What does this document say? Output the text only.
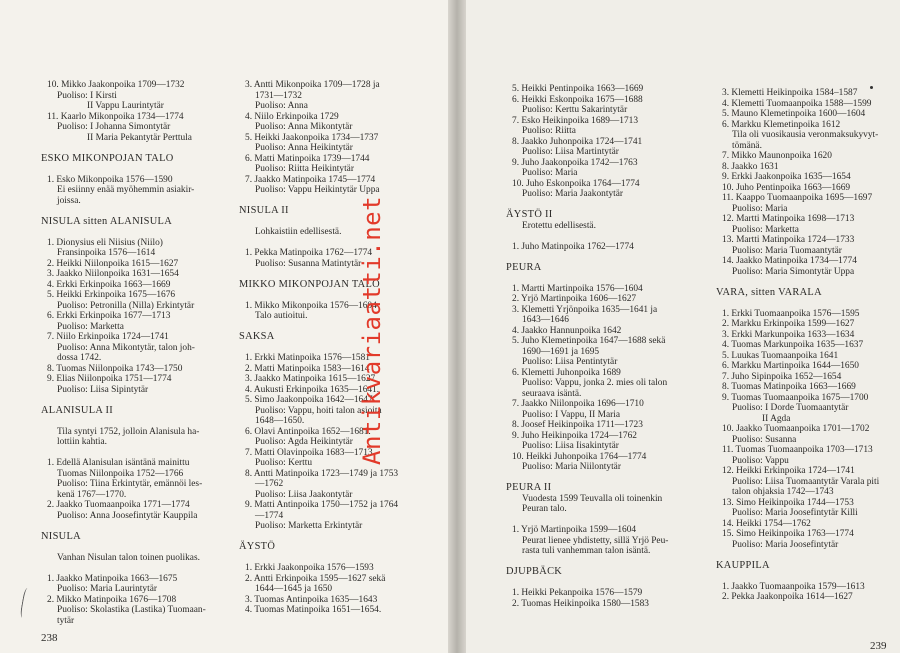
10. Mikko Jaakonpoika 1709—1732
Puoliso: I Kirsti
II Vappu Laurintytär
11. Kaarlo Mikonpoika 1734—1774
Puoliso: I Johanna Simontytär
II Maria Pekantytär Perttula
ESKO MIKONPOJAN TALO
1. Esko Mikonpoika 1576—1590
Ei esiinny enää myöhemmin asiakir-
joissa.
NISULA sitten ALANISULA
1. Dionysius eli Niisius (Niilo)
Fransinpoika 1576—1614
2. Heikki Niilonpoika 1615—1627
3. Jaakko Niilonpoika 1631—1654
4. Erkki Erkinpoika 1663—1669
5. Heikki Erkinpoika 1675—1676
Puoliso: Petronilla (Nilla) Erkintytär
6. Erkki Erkinpoika 1677—1713
Puoliso: Marketta
7. Niilo Erkinpoika 1724—1741
Puoliso: Anna Mikontytär, talon joh-
dossa 1742.
8. Tuomas Niilonpoika 1743—1750
9. Elias Niilonpoika 1751—1774
Puoliso: Liisa Sipintytär
ALANISULA II
Tila syntyi 1752, jolloin Alanisula ha-
lottiin kahtia.
1. Edellä Alanisulan isäntänä mainittu
Tuomas Niilonpoika 1752—1766
Puoliso: Tiina Erkintytär, emännöi les-
kenä 1767—1770.
2. Jaakko Tuomaanpoika 1771—1774
Puoliso: Anna Joosefintytär Kauppila
NISULA
Vanhan Nisulan talon toinen puolikas.
1. Jaakko Matinpoika 1663—1675
Puoliso: Maria Laurintytär
2. Mikko Matinpoika 1676—1708
Puoliso: Skolastika (Lastika) Tuomaan-
tytär
3. Antti Mikonpoika 1709—1728 ja
1731—1732
Puoliso: Anna
4. Niilo Erkinpoika 1729
Puoliso: Anna Mikontytär
5. Heikki Jaakonpoika 1734—1737
Puoliso: Anna Heikintytär
6. Matti Matinpoika 1739—1744
Puoliso: Riitta Heikintytär
7. Jaakko Matinpoika 1745—1774
Puoliso: Vappu Heikintytär Uppa
NISULA II
Lohkaistiin edellisestä.
1. Pekka Matinpoika 1762—1774
Puoliso: Susanna Matintytär
MIKKO MIKONPOJAN TALO
1. Mikko Mikonpoika 1576—1604
Talo autioitui.
SAKSA
1. Erkki Matinpoika 1576—1581
2. Matti Matinpoika 1583—1614
3. Jaakko Matinpoika 1615—1627
4. Aukusti Erkinpoika 1635—1641.
5. Simo Jaakonpoika 1642—1647
Puoliso: Vappu, hoiti talon asioita
1648—1650.
6. Olavi Antinpoika 1652—1681.
Puoliso: Agda Heikintytär
7. Matti Olavinpoika 1683—1713
Puoliso: Kerttu
8. Antti Matinpoika 1723—1749 ja 1753
—1762
Puoliso: Liisa Jaakontytär
9. Matti Antinpoika 1750—1752 ja 1764
—1774
Puoliso: Marketta Erkintytär
ÄYSTÖ
1. Erkki Jaakonpoika 1576—1593
2. Antti Erkinpoika 1595—1627 sekä
1644—1645 ja 1650
3. Tuomas Antinpoika 1635—1643
4. Tuomas Matinpoika 1651—1654.
238
5. Heikki Pentinpoika 1663—1669
6. Heikki Eskonpoika 1675—1688
Puoliso: Kerttu Sakarintytär
7. Esko Heikinpoika 1689—1713
Puoliso: Riitta
8. Jaakko Juhonpoika 1724—1741
Puoliso: Liisa Martintytär
9. Juho Jaakonpoika 1742—1763
Puoliso: Maria
10. Juho Eskonpoika 1764—1774
Puoliso: Maria Jaakontytär
ÄYSTÖ II
Erotettu edellisestä.
1. Juho Matinpoika 1762—1774
PEURA
1. Martti Martinpoika 1576—1604
2. Yrjö Martinpoika 1606—1627
3. Klemetti Yrjönpoika 1635—1641 ja
1643—1646
4. Jaakko Hannunpoika 1642
5. Juho Klemetinpoika 1647—1688 sekä
1690—1691 ja 1695
Puoliso: Liisa Pentintytär
6. Klemetti Juhonpoika 1689
Puoliso: Vappu, jonka 2. mies oli talon
seuraava isäntä.
7. Jaakko Niilonpoika 1696—1710
Puoliso: I Vappu, II Maria
8. Joosef Heikinpoika 1711—1723
9. Juho Heikinpoika 1724—1762
Puoliso: Liisa Iisakintytär
10. Heikki Juhonpoika 1764—1774
Puoliso: Maria Niilontytär
PEURA II
Vuodesta 1599 Teuvalla oli toinenkin
Peuran talo.
1. Yrjö Martinpoika 1599—1604
Peurat lienee yhdistetty, sillä Yrjö Peu-
rasta tuli vanhemman talon isäntä.
DJUPBÄCK
1. Heikki Pekanpoika 1576—1579
2. Tuomas Heikinpoika 1580—1583
3. Klemetti Heikinpoika 1584–1587
4. Klemetti Tuomaanpoika 1588—1599
5. Mauno Klemetinpoika 1600—1604
6. Markku Klemetinpoika 1612
Tila oli vuosikausia veronmaksukyvyt-
tömänä.
7. Mikko Maunonpoika 1620
8. Jaakko 1631
9. Erkki Jaakonpoika 1635—1654
10. Juho Pentinpoika 1663—1669
11. Kaappo Tuomaanpoika 1695—1697
Puoliso: Maria
12. Martti Matinpoika 1698—1713
Puoliso: Marketta
13. Martti Matinpoika 1724—1733
Puoliso: Maria Tuomaantytär
14. Jaakko Matinpoika 1734—1774
Puoliso: Maria Simontytär Uppa
VARA, sitten VARALA
1. Erkki Tuomaanpoika 1576—1595
2. Markku Erkinpoika 1599—1627
3. Erkki Markunpoika 1633—1634
4. Tuomas Markunpoika 1635—1637
5. Luukas Tuomaanpoika 1641
6. Markku Martinpoika 1644—1650
7. Juho Sipinpoika 1652—1654
8. Tuomas Matinpoika 1663—1669
9. Tuomas Tuomaanpoika 1675—1700
Puoliso: I Dorde Tuomaantytär
II Agda
10. Jaakko Tuomaanpoika 1701—1702
Puoliso: Susanna
11. Tuomas Tuomaanpoika 1703—1713
Puoliso: Vappu
12. Heikki Erkinpoika 1724—1741
Puoliso: Liisa Tuomaantytär Varala piti
talon ohjaksia 1742—1743
13. Simo Heikinpoika 1744—1753
Puoliso: Maria Joosefintytär Killi
14. Heikki 1754—1762
15. Simo Heikinpoika 1763—1774
Puoliso: Maria Joosefintytär
KAUPPILA
1. Jaakko Tuomaanpoika 1579—1613
2. Pekka Jaakonpoika 1614—1627
239
Antikvariaatti.net
